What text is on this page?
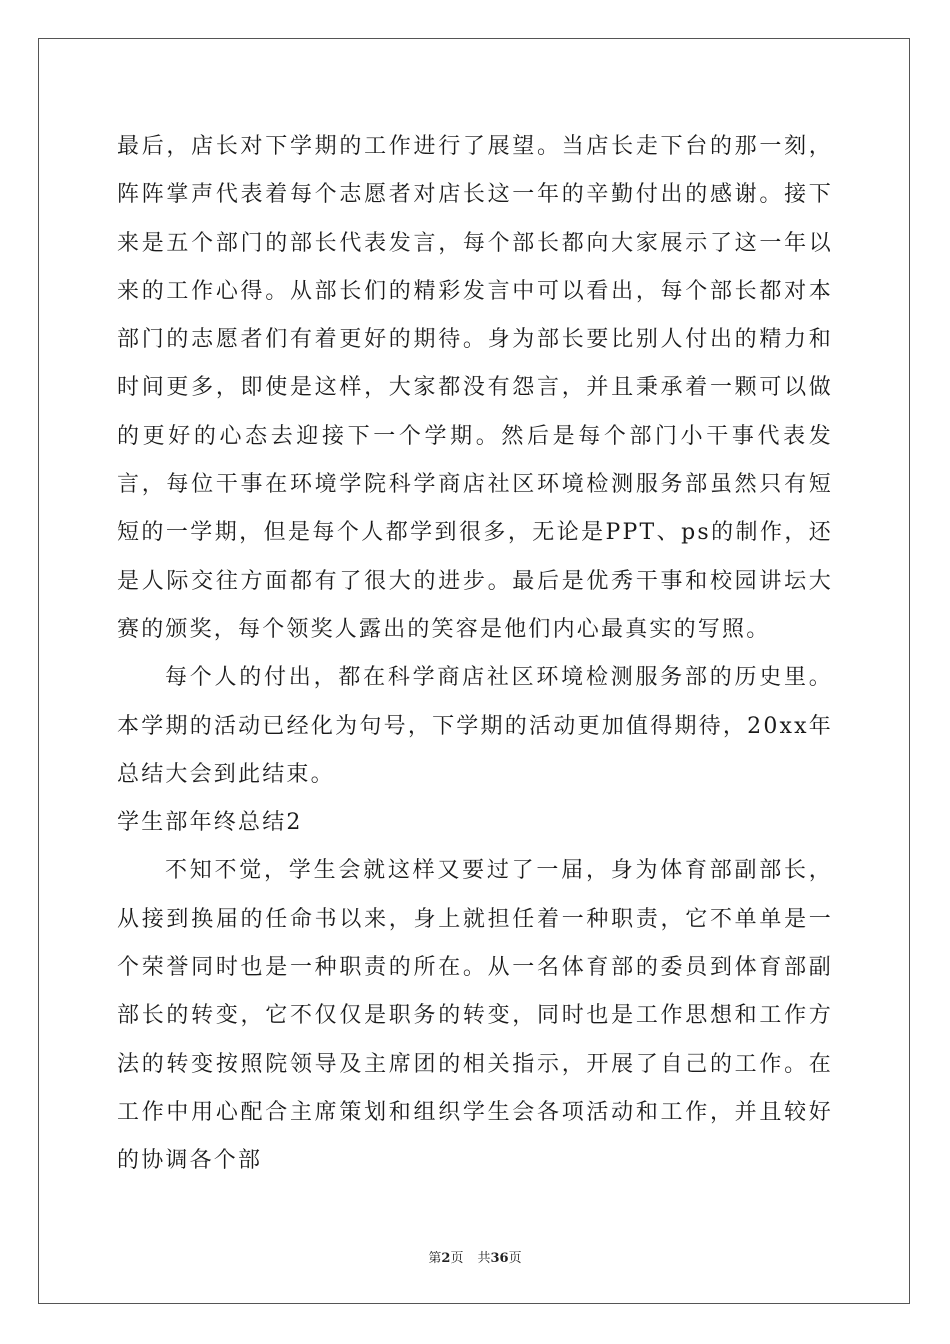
最后，店长对下学期的工作进行了展望。当店长走下台的那一刻，阵阵掌声代表着每个志愿者对店长这一年的辛勤付出的感谢。接下来是五个部门的部长代表发言，每个部长都向大家展示了这一年以来的工作心得。从部长们的精彩发言中可以看出，每个部长都对本部门的志愿者们有着更好的期待。身为部长要比别人付出的精力和时间更多，即使是这样，大家都没有怨言，并且秉承着一颗可以做的更好的心态去迎接下一个学期。然后是每个部门小干事代表发言，每位干事在环境学院科学商店社区环境检测服务部虽然只有短短的一学期，但是每个人都学到很多，无论是PPT、ps的制作，还是人际交往方面都有了很大的进步。最后是优秀干事和校园讲坛大赛的颁奖，每个领奖人露出的笑容是他们内心最真实的写照。

每个人的付出，都在科学商店社区环境检测服务部的历史里。本学期的活动已经化为句号，下学期的活动更加值得期待，20xx年总结大会到此结束。

学生部年终总结2

不知不觉，学生会就这样又要过了一届，身为体育部副部长，从接到换届的任命书以来，身上就担任着一种职责，它不单单是一个荣誉同时也是一种职责的所在。从一名体育部的委员到体育部副部长的转变，它不仅仅是职务的转变，同时也是工作思想和工作方法的转变按照院领导及主席团的相关指示，开展了自己的工作。在工作中用心配合主席策划和组织学生会各项活动和工作，并且较好的协调各个部

第2页 共36页
